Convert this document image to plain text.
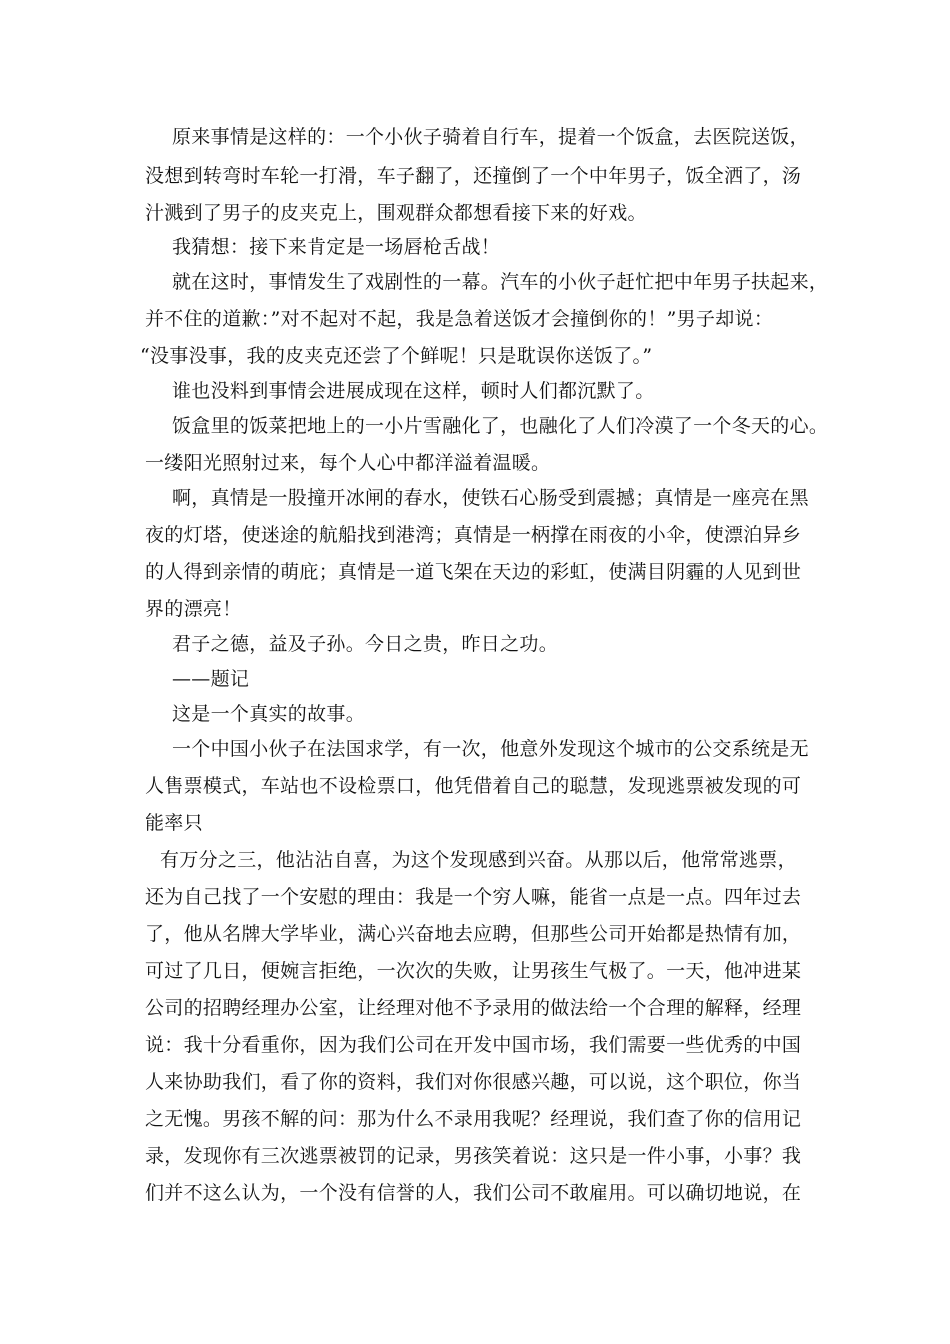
原来事情是这样的：一个小伙子骑着自行车，提着一个饭盒，去医院送饭，
没想到转弯时车轮一打滑，车子翻了，还撞倒了一个中年男子，饭全洒了，汤
汁溅到了男子的皮夹克上，围观群众都想看接下来的好戏。
我猜想：接下来肯定是一场唇枪舌战！
就在这时，事情发生了戏剧性的一幕。汽车的小伙子赶忙把中年男子扶起来，
并不住的道歉：”对不起对不起，我是急着送饭才会撞倒你的！”男子却说：
“没事没事，我的皮夹克还尝了个鲜呢！只是耽误你送饭了。”
谁也没料到事情会进展成现在这样，顿时人们都沉默了。
饭盒里的饭菜把地上的一小片雪融化了，也融化了人们冷漠了一个冬天的心。
一缕阳光照射过来，每个人心中都洋溢着温暖。
啊，真情是一股撞开冰闸的春水，使铁石心肠受到震撼；真情是一座亮在黑
夜的灯塔，使迷途的航船找到港湾；真情是一柄撑在雨夜的小伞，使漂泊异乡
的人得到亲情的萌庇；真情是一道飞架在天边的彩虹，使满目阴霾的人见到世
界的漂亮！
君子之德，益及子孙。今日之贵，昨日之功。
——题记
这是一个真实的故事。
一个中国小伙子在法国求学，有一次，他意外发现这个城市的公交系统是无
人售票模式，车站也不设检票口，他凭借着自己的聪慧，发现逃票被发现的可
能率只
有万分之三，他沾沾自喜，为这个发现感到兴奋。从那以后，他常常逃票，
还为自己找了一个安慰的理由：我是一个穷人嘛，能省一点是一点。四年过去
了，他从名牌大学毕业，满心兴奋地去应聘，但那些公司开始都是热情有加，
可过了几日，便婉言拒绝，一次次的失败，让男孩生气极了。一天，他冲进某
公司的招聘经理办公室，让经理对他不予录用的做法给一个合理的解释，经理
说：我十分看重你，因为我们公司在开发中国市场，我们需要一些优秀的中国
人来协助我们，看了你的资料，我们对你很感兴趣，可以说，这个职位，你当
之无愧。男孩不解的问：那为什么不录用我呢？经理说，我们查了你的信用记
录，发现你有三次逃票被罚的记录，男孩笑着说：这只是一件小事，小事？我
们并不这么认为，一个没有信誉的人，我们公司不敢雇用。可以确切地说，在
